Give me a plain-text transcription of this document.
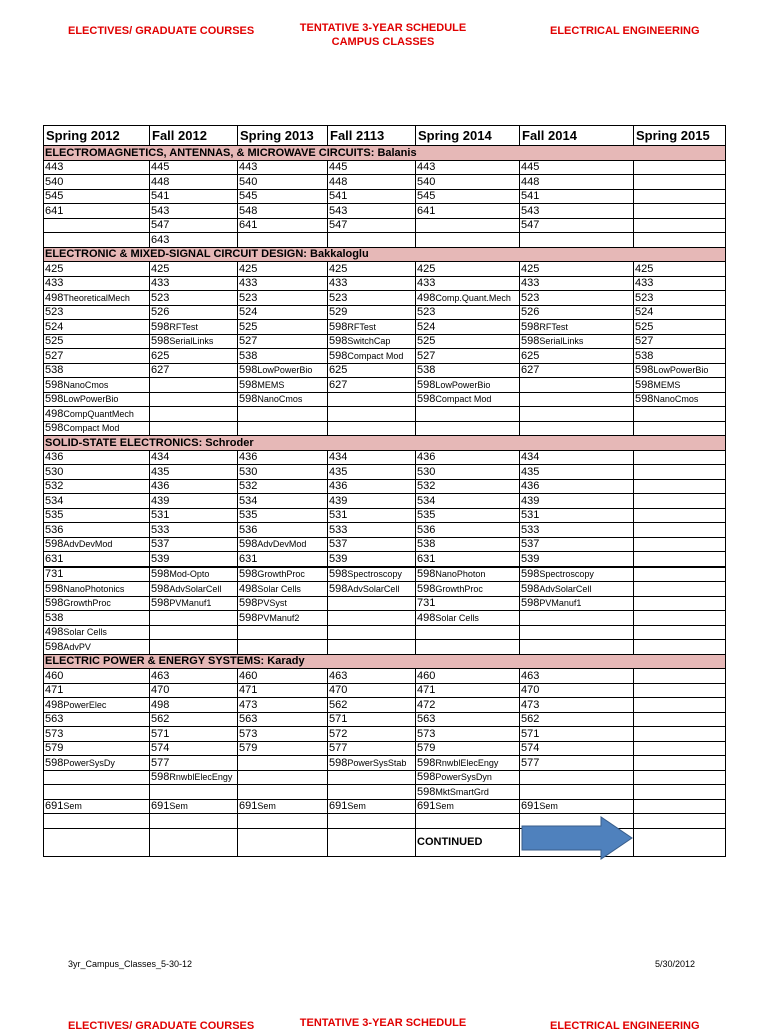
ELECTIVES/ GRADUATE COURSES	TENTATIVE 3-YEAR SCHEDULE
CAMPUS CLASSES
ELECTRICAL ENGINEERING
Spring 2012	Fall 2012	Spring 2013	Fall 2113	Spring 2014	Fall 2014	Spring 2015
ELECTROMAGNETICS, ANTENNAS, & MICROWAVE CIRCUITS: Balanis						
443	445	443	445	443	445	
540	448	540	448	540	448	
545	541	545	541	545	541	
641	543	548	543	641	543	
	547	641	547		547	
	643					
ELECTRONIC & MIXED-SIGNAL CIRCUIT DESIGN: Bakkaloglu						
425	425	425	425	425	425	425
433	433	433	433	433	433	433
498TheoreticalMech	523	523	523	498Comp.Quant.Mech	523	523
523	526	524	529	523	526	524
524	598RFTest	525	598RFTest	524	598RFTest	525
525	598SerialLinks	527	598SwitchCap	525	598SerialLinks	527
527	625	538	598Compact Mod	527	625	538
538	627	598LowPowerBio	625	538	627	598LowPowerBio
598NanoCmos		598MEMS	627	598LowPowerBio		598MEMS
598LowPowerBio		598NanoCmos		598Compact Mod		598NanoCmos
498CompQuantMech						
598Compact Mod						
SOLID-STATE ELECTRONICS: Schroder						
436	434	436	434	436	434	
530	435	530	435	530	435	
532	436	532	436	532	436	
534	439	534	439	534	439	
535	531	535	531	535	531	
536	533	536	533	536	533	
598AdvDevMod	537	598AdvDevMod	537	538	537	
631	539	631	539	631	539	
731	598Mod-Opto	598GrowthProc	598Spectroscopy	598NanoPhoton	598Spectroscopy	
598NanoPhotonics	598AdvSolarCell	498Solar Cells	598AdvSolarCell	598GrowthProc	598AdvSolarCell	
598GrowthProc	598PVManuf1	598PVSyst		731	598PVManuf1	
538		598PVManuf2		498Solar Cells		
498Solar Cells						
598AdvPV						
ELECTRIC POWER & ENERGY SYSTEMS: Karady						
460	463	460	463	460	463	
471	470	471	470	471	470	
498PowerElec	498	473	562	472	473	
563	562	563	571	563	562	
573	571	573	572	573	571	
579	574	579	577	579	574	
598PowerSysDy	577		598PowerSysStab	598RnwblElecEngy	577	
	598RnwblElecEngy			598PowerSysDyn		
				598MktSmartGrd		
691Sem	691Sem	691Sem	691Sem	691Sem	691Sem	

				CONTINUED		
3yr_Campus_Classes_5-30-12	5/30/2012
ELECTIVES/ GRADUATE COURSES	TENTATIVE 3-YEAR SCHEDULE	ELECTRICAL ENGINEERING
